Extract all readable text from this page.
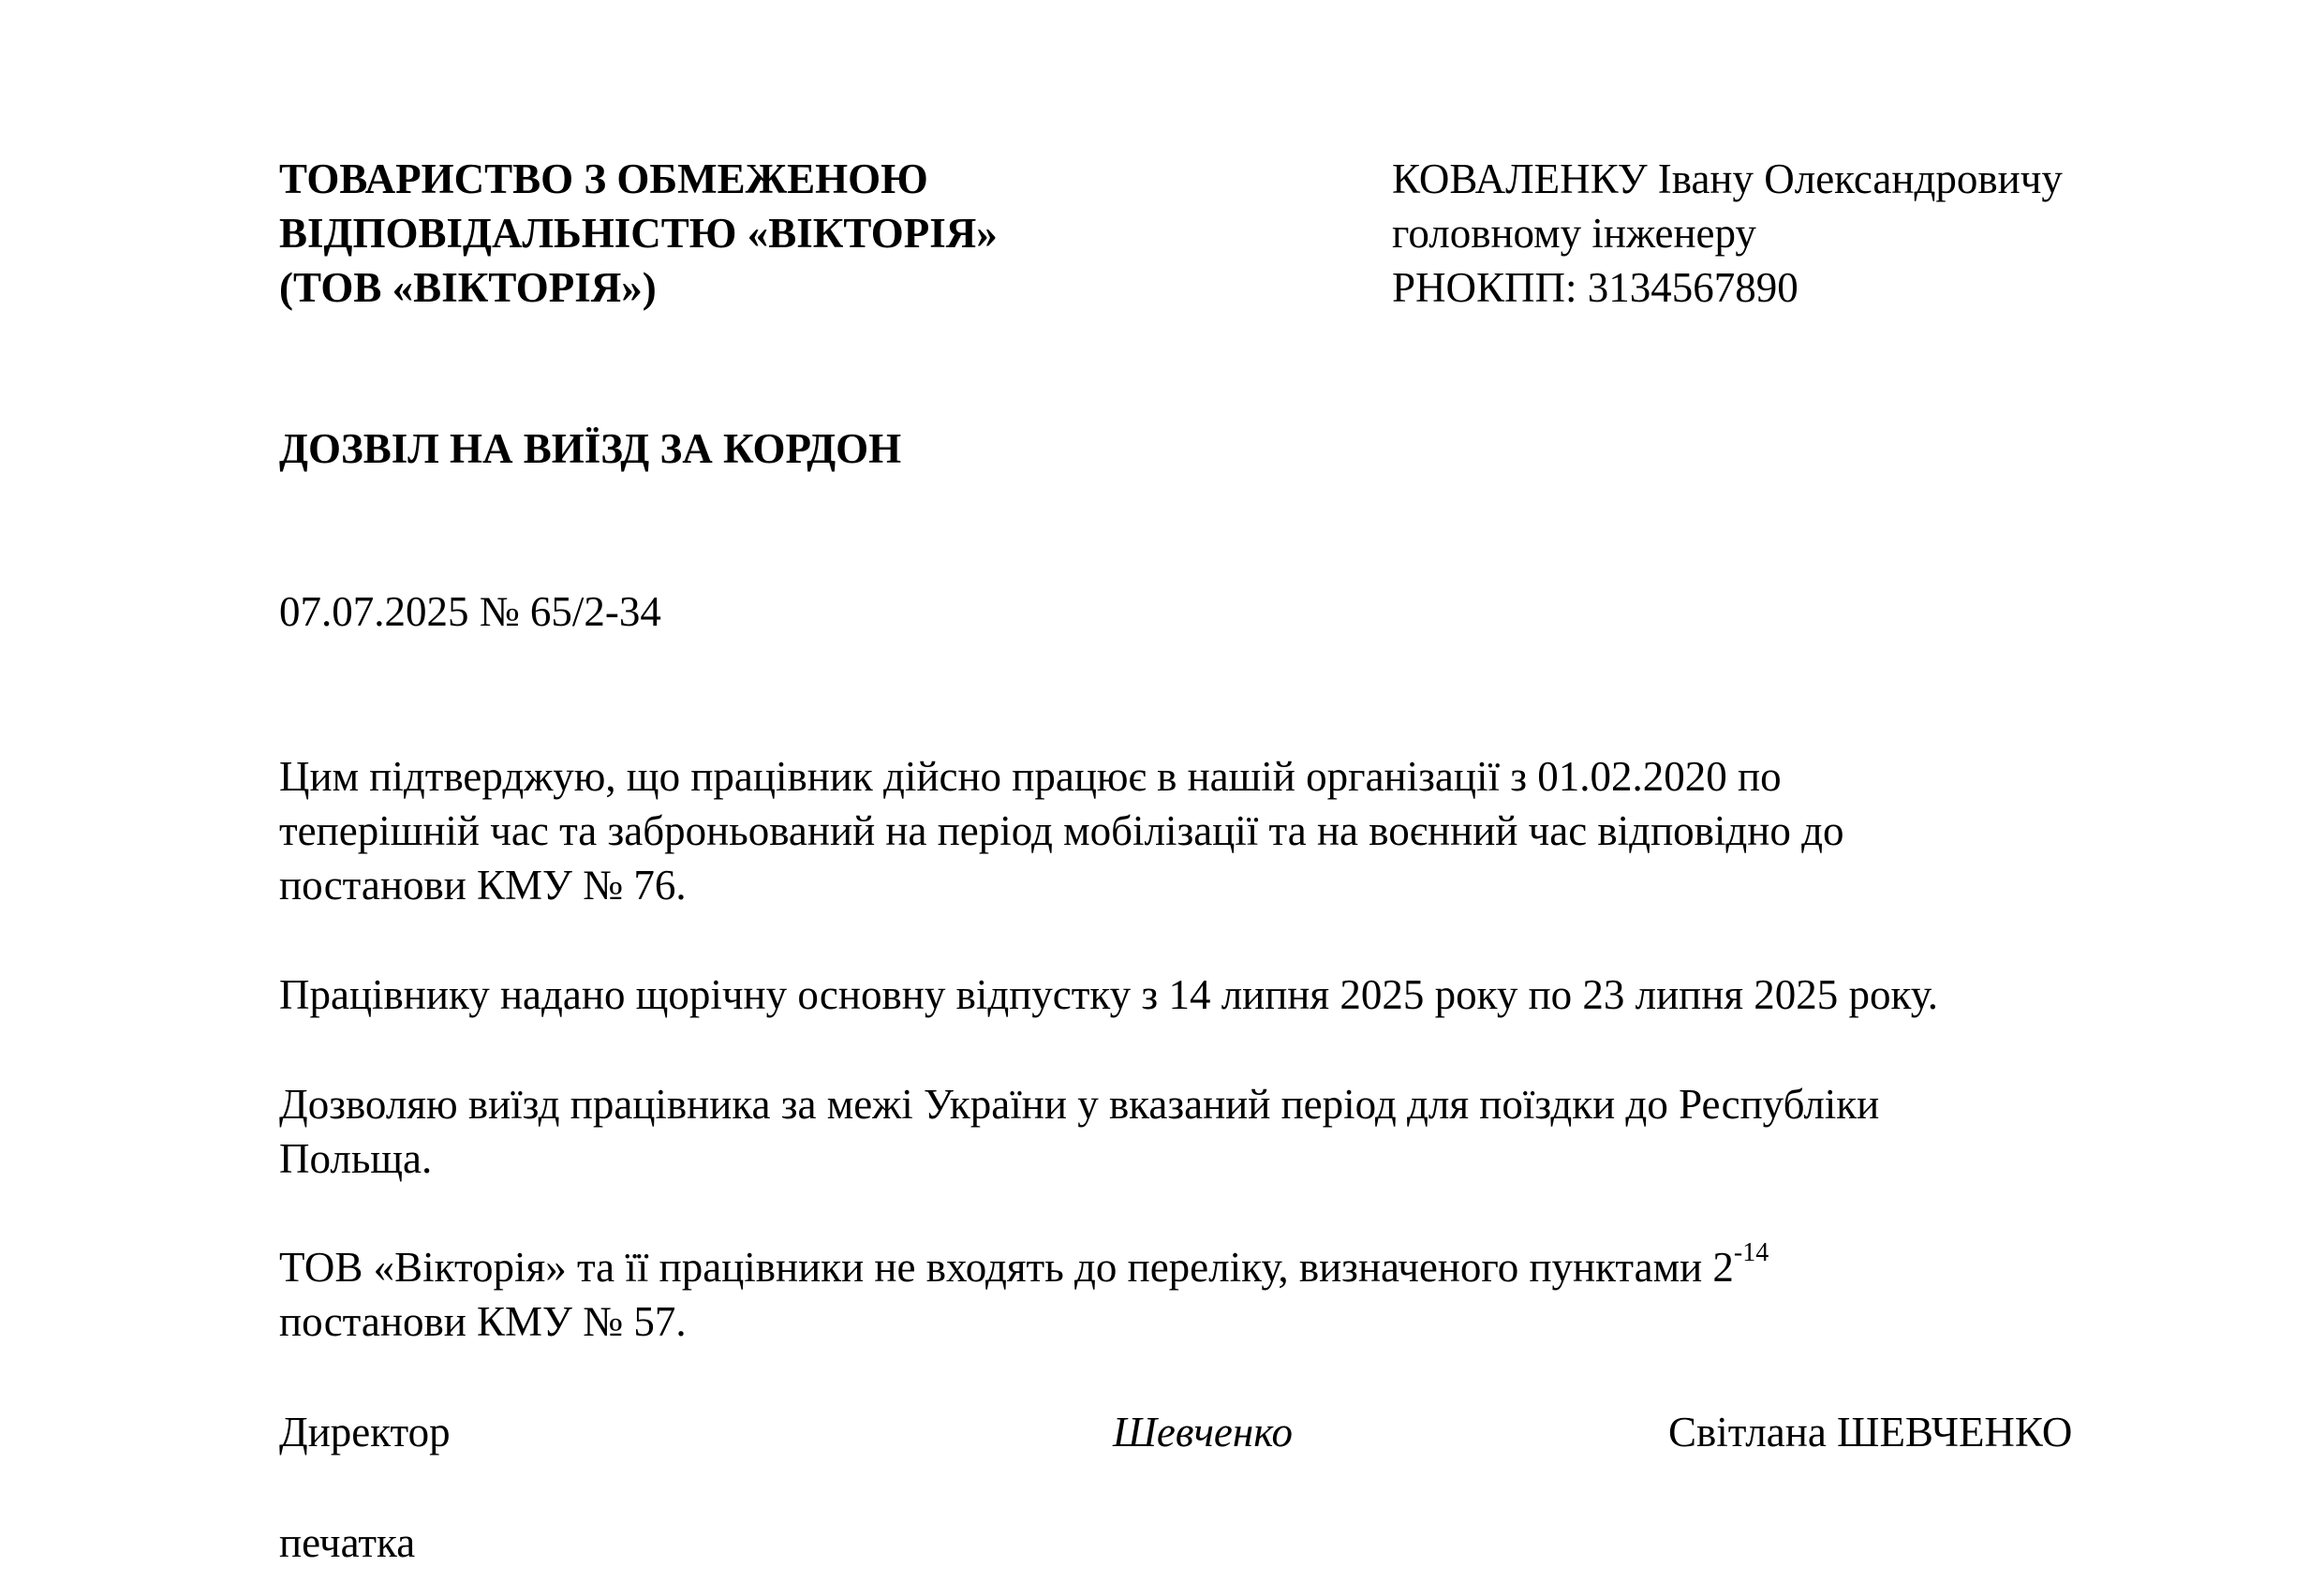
ТОВАРИСТВО З ОБМЕЖЕНОЮ

ВІДПОВІДАЛЬНІСТЮ «ВІКТОРІЯ»

(ТОВ «ВІКТОРІЯ»)

КОВАЛЕНКУ Івану Олександровичу

головному інженеру

РНОКПП: 3134567890

ДОЗВІЛ НА ВИЇЗД ЗА КОРДОН

07.07.2025 № 65/2-34

Цим підтверджую, що працівник дійсно працює в нашій організації з 01.02.2020 по

теперішній час та заброньований на період мобілізації та на воєнний час відповідно до

постанови КМУ № 76.

Працівнику надано щорічну основну відпустку з 14 липня 2025 року по 23 липня 2025 року.

Дозволяю виїзд працівника за межі України у вказаний період для поїздки до Республіки

Польща.

ТОВ «Вікторія» та її працівники не входять до переліку, визначеного пунктами $2^{-14}$

постанови КМУ № 57.

Директор	Шевченко	Світлана ШЕВЧЕНКО

печатка
